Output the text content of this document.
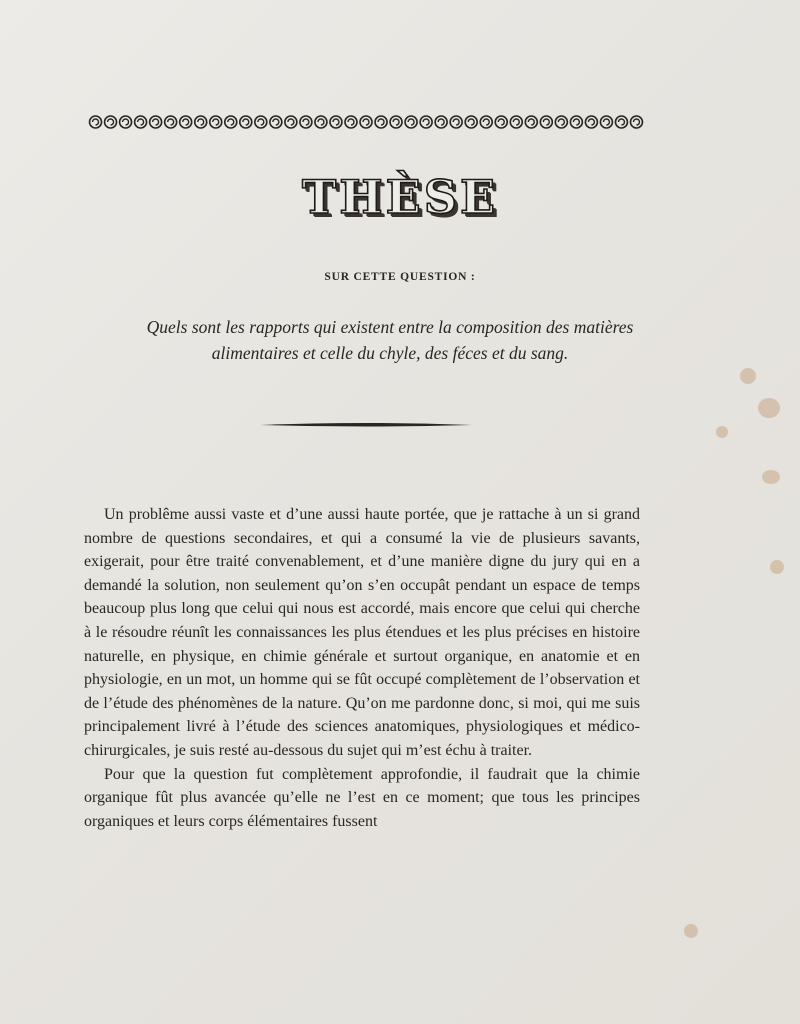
THÈSE
SUR CETTE QUESTION :
Quels sont les rapports qui existent entre la composition des matières alimentaires et celle du chyle, des féces et du sang.

Un problême aussi vaste et d’une aussi haute portée, que je rattache à un si grand nombre de questions secondaires, et qui a consumé la vie de plusieurs savants, exigerait, pour être traité convenablement, et d’une manière digne du jury qui en a demandé la solution, non seulement qu’on s’en occupât pendant un espace de temps beaucoup plus long que celui qui nous est accordé, mais encore que celui qui cherche à le résoudre réunît les connaissances les plus étendues et les plus précises en histoire naturelle, en physique, en chimie générale et surtout organique, en anatomie et en physiologie, en un mot, un homme qui se fût occupé complètement de l’observation et de l’étude des phénomènes de la nature. Qu’on me pardonne donc, si moi, qui me suis principalement livré à l’étude des sciences anatomiques, physiologiques et médico-chirurgicales, je suis resté au-dessous du sujet qui m’est échu à traiter.

Pour que la question fut complètement approfondie, il faudrait que la chimie organique fût plus avancée qu’elle ne l’est en ce moment; que tous les principes organiques et leurs corps élémentaires fussent
